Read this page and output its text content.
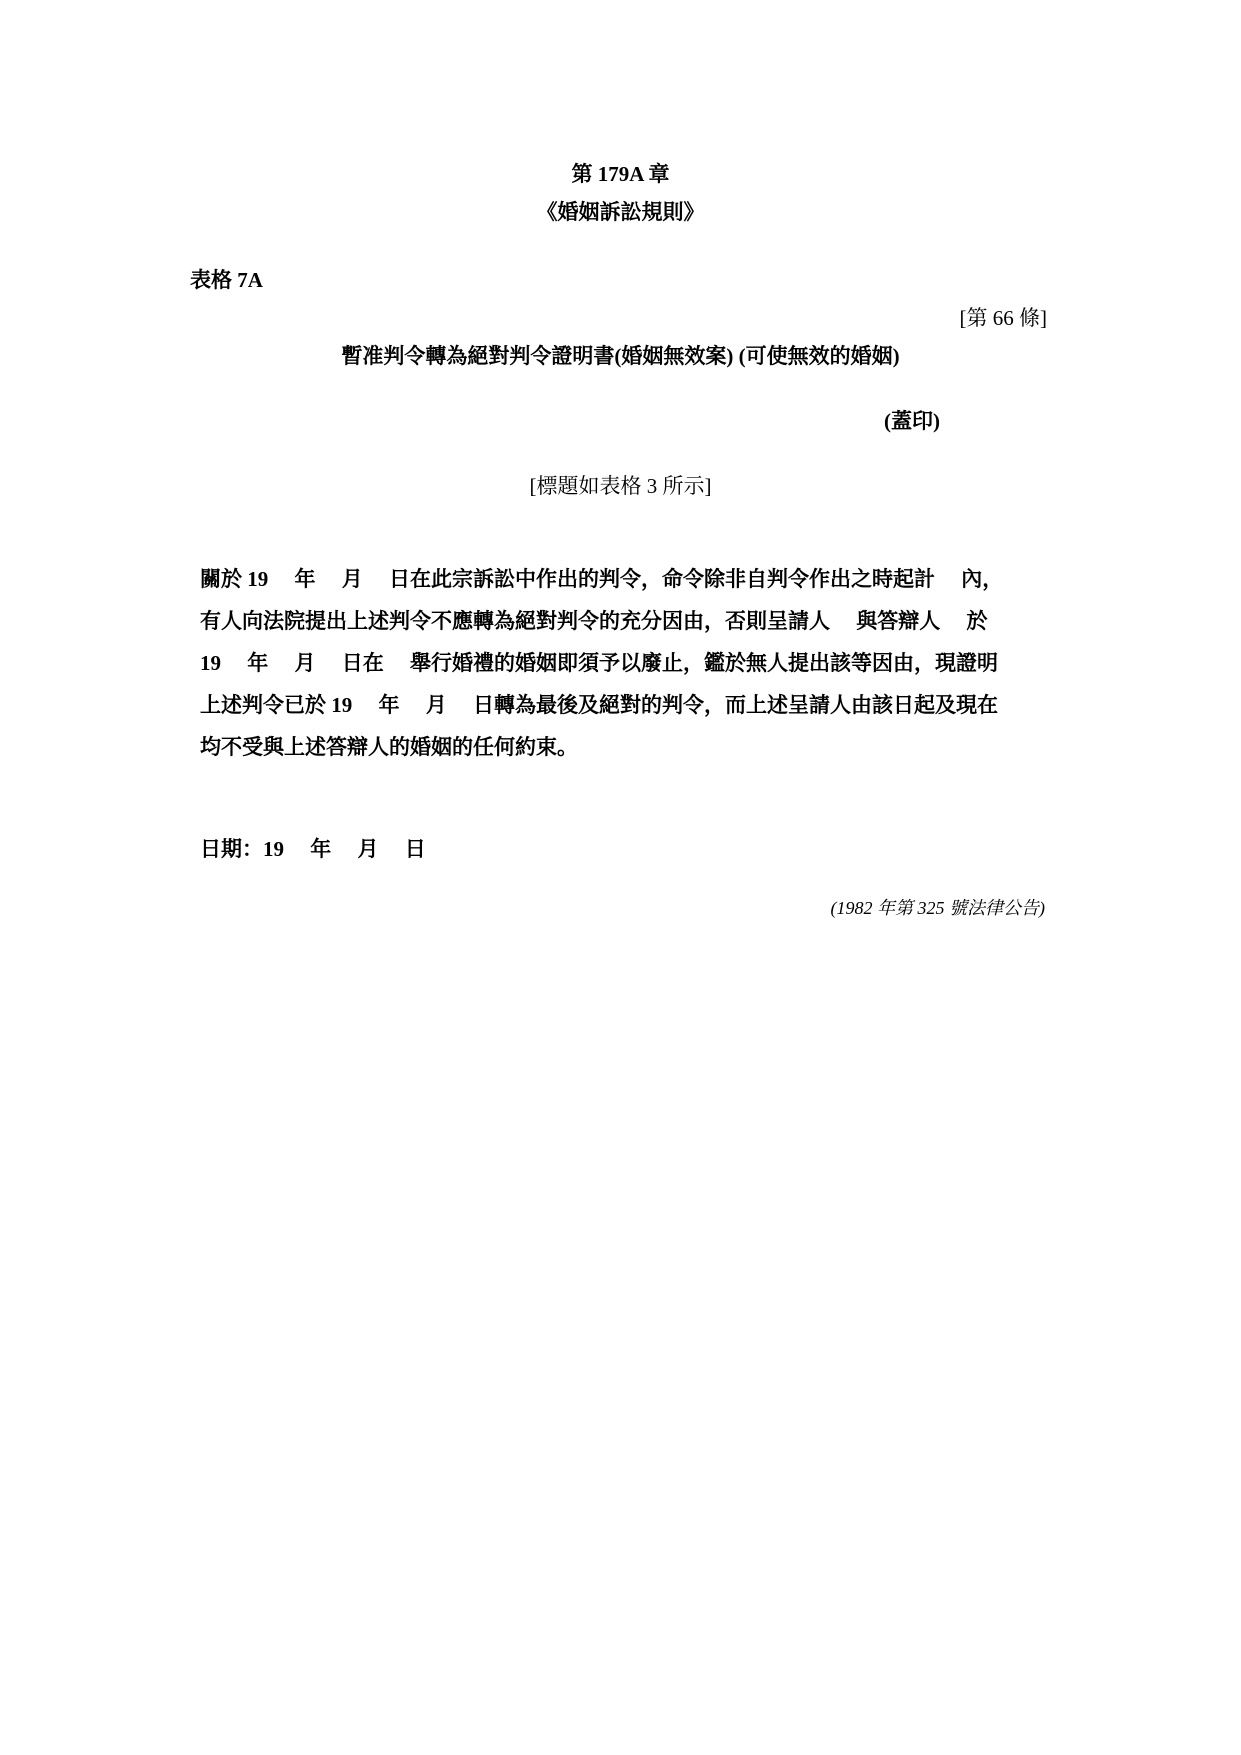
第 179A 章
《婚姻訴訟規則》
表格 7A
[第 66 條]
暫准判令轉為絕對判令證明書(婚姻無效案) (可使無效的婚姻)
(蓋印)
[標題如表格 3 所示]
關於 19　 年　 月　 日在此宗訴訟中作出的判令，命令除非自判令作出之時起計　 內，
有人向法院提出上述判令不應轉為絕對判令的充分因由，否則呈請人　 與答辯人　 於
19　 年　 月　 日在　 舉行婚禮的婚姻即須予以廢止，鑑於無人提出該等因由，現證明
上述判令已於 19　 年　 月　 日轉為最後及絕對的判令，而上述呈請人由該日起及現在
均不受與上述答辯人的婚姻的任何約束。
日期：19　 年　 月　 日
(1982 年第 325 號法律公告)
